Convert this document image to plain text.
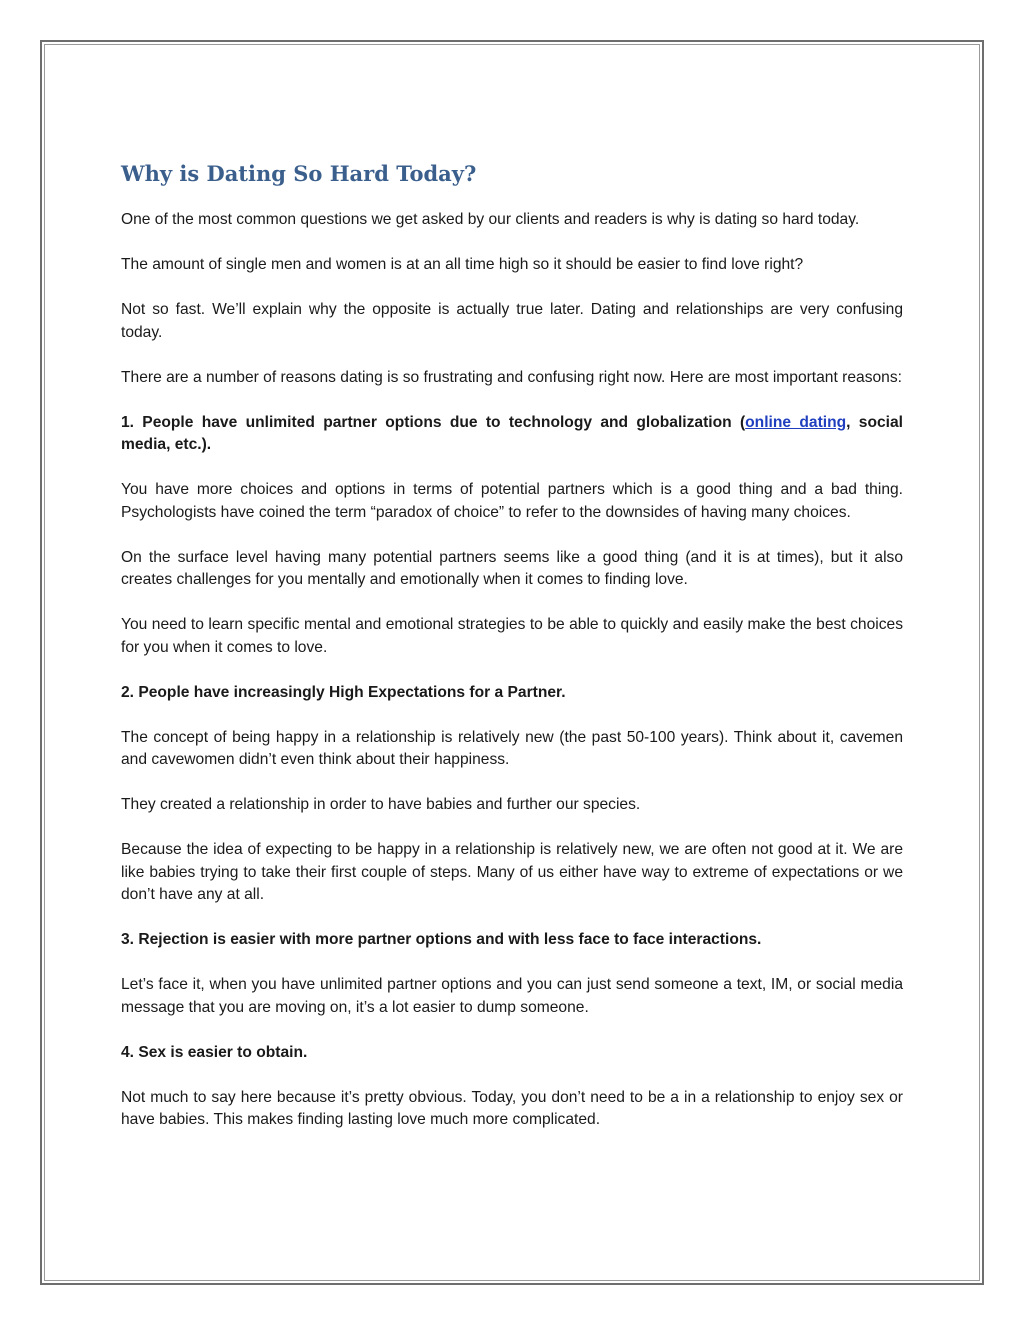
Why is Dating So Hard Today?

One of the most common questions we get asked by our clients and readers is why is dating so hard today.

The amount of single men and women is at an all time high so it should be easier to find love right?

Not so fast. We’ll explain why the opposite is actually true later. Dating and relationships are very confusing today.

There are a number of reasons dating is so frustrating and confusing right now. Here are most important reasons:

1. People have unlimited partner options due to technology and globalization (online dating, social media, etc.).

You have more choices and options in terms of potential partners which is a good thing and a bad thing. Psychologists have coined the term “paradox of choice” to refer to the downsides of having many choices.

On the surface level having many potential partners seems like a good thing (and it is at times), but it also creates challenges for you mentally and emotionally when it comes to finding love.

You need to learn specific mental and emotional strategies to be able to quickly and easily make the best choices for you when it comes to love.

2. People have increasingly High Expectations for a Partner.

The concept of being happy in a relationship is relatively new (the past 50-100 years). Think about it, cavemen and cavewomen didn’t even think about their happiness.

They created a relationship in order to have babies and further our species.

Because the idea of expecting to be happy in a relationship is relatively new, we are often not good at it. We are like babies trying to take their first couple of steps. Many of us either have way to extreme of expectations or we don’t have any at all.

3. Rejection is easier with more partner options and with less face to face interactions.

Let’s face it, when you have unlimited partner options and you can just send someone a text, IM, or social media message that you are moving on, it’s a lot easier to dump someone.

4. Sex is easier to obtain.

Not much to say here because it’s pretty obvious. Today, you don’t need to be a in a relationship to enjoy sex or have babies. This makes finding lasting love much more complicated.
